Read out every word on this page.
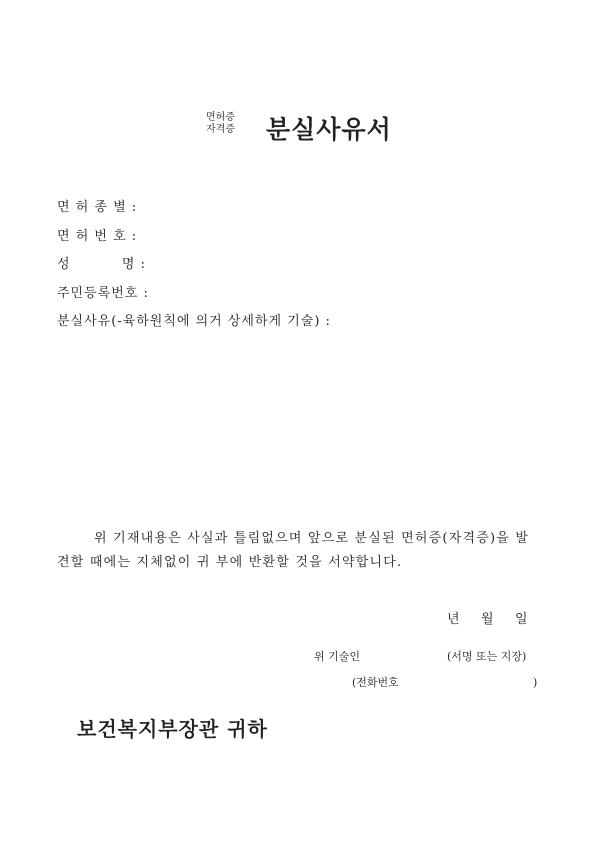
면허증
자격증 분실사유서
면 허 종 별 :
면 허 번 호 :
성          명 :
주민등록번호 :
분실사유(-육하원칙에 의거 상세하게 기술) :
위 기재내용은 사실과 틀림없으며 앞으로 분실된 면허증(자격증)을 발
견할 때에는 지체없이 귀 부에 반환할 것을 서약합니다.
년 월 일
위 기술인	(서명 또는 지장)
(전화번호	)
보건복지부장관 귀하
